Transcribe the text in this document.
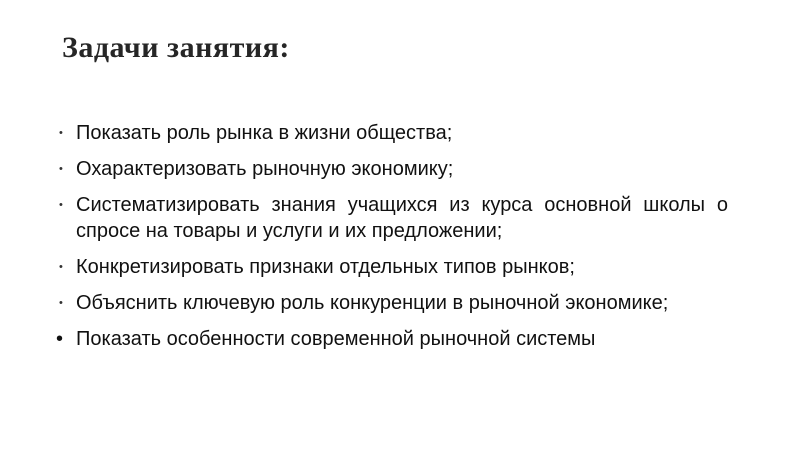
Задачи занятия:
• Показать роль рынка в жизни общества;
• Охарактеризовать рыночную экономику;
• Систематизировать знания учащихся из курса основной школы о спросе на товары и услуги и их предложении;
• Конкретизировать признаки отдельных типов рынков;
• Объяснить ключевую роль конкуренции в рыночной экономике;
• Показать особенности современной рыночной системы
